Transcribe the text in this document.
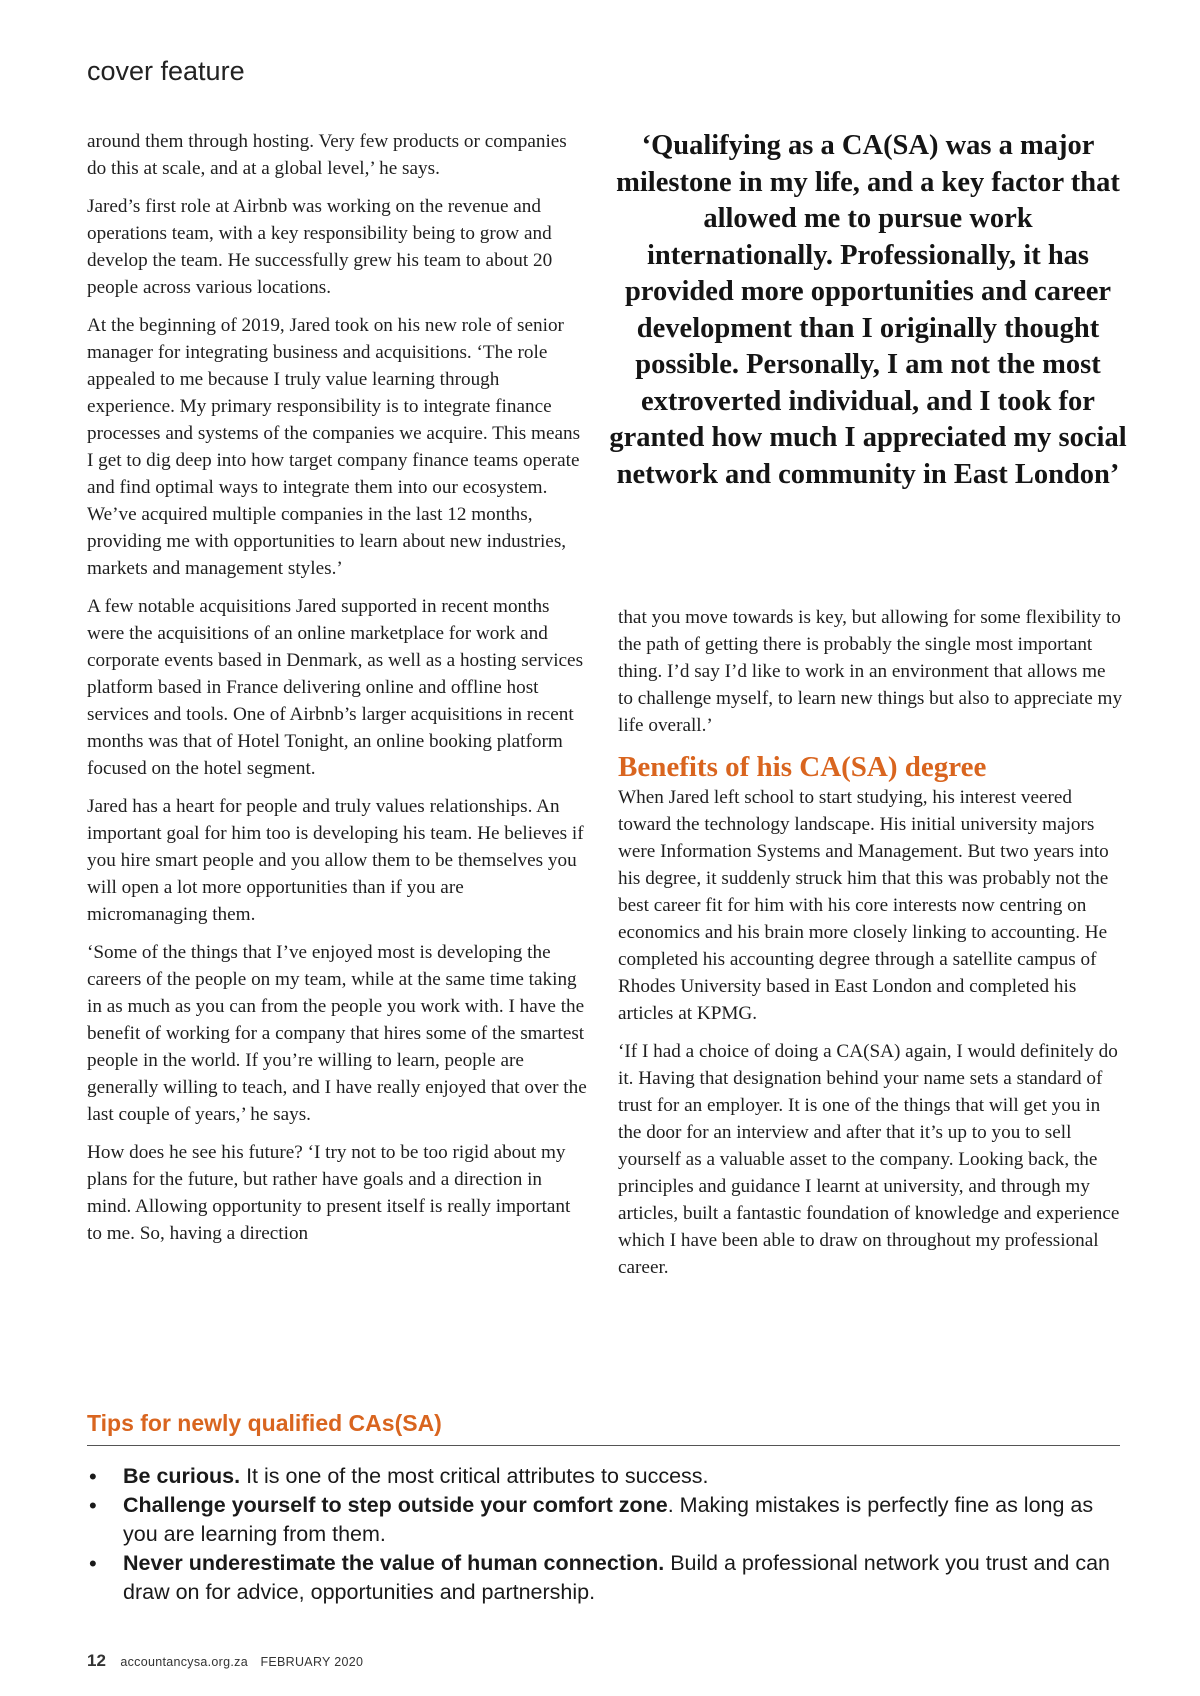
cover feature

around them through hosting. Very few products or companies do this at scale, and at a global level,’ he says.

Jared’s first role at Airbnb was working on the revenue and operations team, with a key responsibility being to grow and develop the team. He successfully grew his team to about 20 people across various locations.

At the beginning of 2019, Jared took on his new role of senior manager for integrating business and acquisitions. ‘The role appealed to me because I truly value learning through experience. My primary responsibility is to integrate finance processes and systems of the companies we acquire. This means I get to dig deep into how target company finance teams operate and find optimal ways to integrate them into our ecosystem. We’ve acquired multiple companies in the last 12 months, providing me with opportunities to learn about new industries, markets and management styles.’

A few notable acquisitions Jared supported in recent months were the acquisitions of an online marketplace for work and corporate events based in Denmark, as well as a hosting services platform based in France delivering online and offline host services and tools. One of Airbnb’s larger acquisitions in recent months was that of Hotel Tonight, an online booking platform focused on the hotel segment.

Jared has a heart for people and truly values relationships. An important goal for him too is developing his team. He believes if you hire smart people and you allow them to be themselves you will open a lot more opportunities than if you are micromanaging them.

‘Some of the things that I’ve enjoyed most is developing the careers of the people on my team, while at the same time taking in as much as you can from the people you work with. I have the benefit of working for a company that hires some of the smartest people in the world. If you’re willing to learn, people are generally willing to teach, and I have really enjoyed that over the last couple of years,’ he says.

How does he see his future? ‘I try not to be too rigid about my plans for the future, but rather have goals and a direction in mind. Allowing opportunity to present itself is really important to me. So, having a direction

‘Qualifying as a CA(SA) was a major milestone in my life, and a key factor that allowed me to pursue work internationally. Professionally, it has provided more opportunities and career development than I originally thought possible. Personally, I am not the most extroverted individual, and I took for granted how much I appreciated my social network and community in East London’

that you move towards is key, but allowing for some flexibility to the path of getting there is probably the single most important thing. I’d say I’d like to work in an environment that allows me to challenge myself, to learn new things but also to appreciate my life overall.’

Benefits of his CA(SA) degree

When Jared left school to start studying, his interest veered toward the technology landscape. His initial university majors were Information Systems and Management. But two years into his degree, it suddenly struck him that this was probably not the best career fit for him with his core interests now centring on economics and his brain more closely linking to accounting. He completed his accounting degree through a satellite campus of Rhodes University based in East London and completed his articles at KPMG.

‘If I had a choice of doing a CA(SA) again, I would definitely do it. Having that designation behind your name sets a standard of trust for an employer. It is one of the things that will get you in the door for an interview and after that it’s up to you to sell yourself as a valuable asset to the company. Looking back, the principles and guidance I learnt at university, and through my articles, built a fantastic foundation of knowledge and experience which I have been able to draw on throughout my professional career.

Tips for newly qualified CAs(SA)
• Be curious. It is one of the most critical attributes to success.
• Challenge yourself to step outside your comfort zone. Making mistakes is perfectly fine as long as you are learning from them.
• Never underestimate the value of human connection. Build a professional network you trust and can draw on for advice, opportunities and partnership.
12 accountancysa.org.za FEBRUARY 2020
